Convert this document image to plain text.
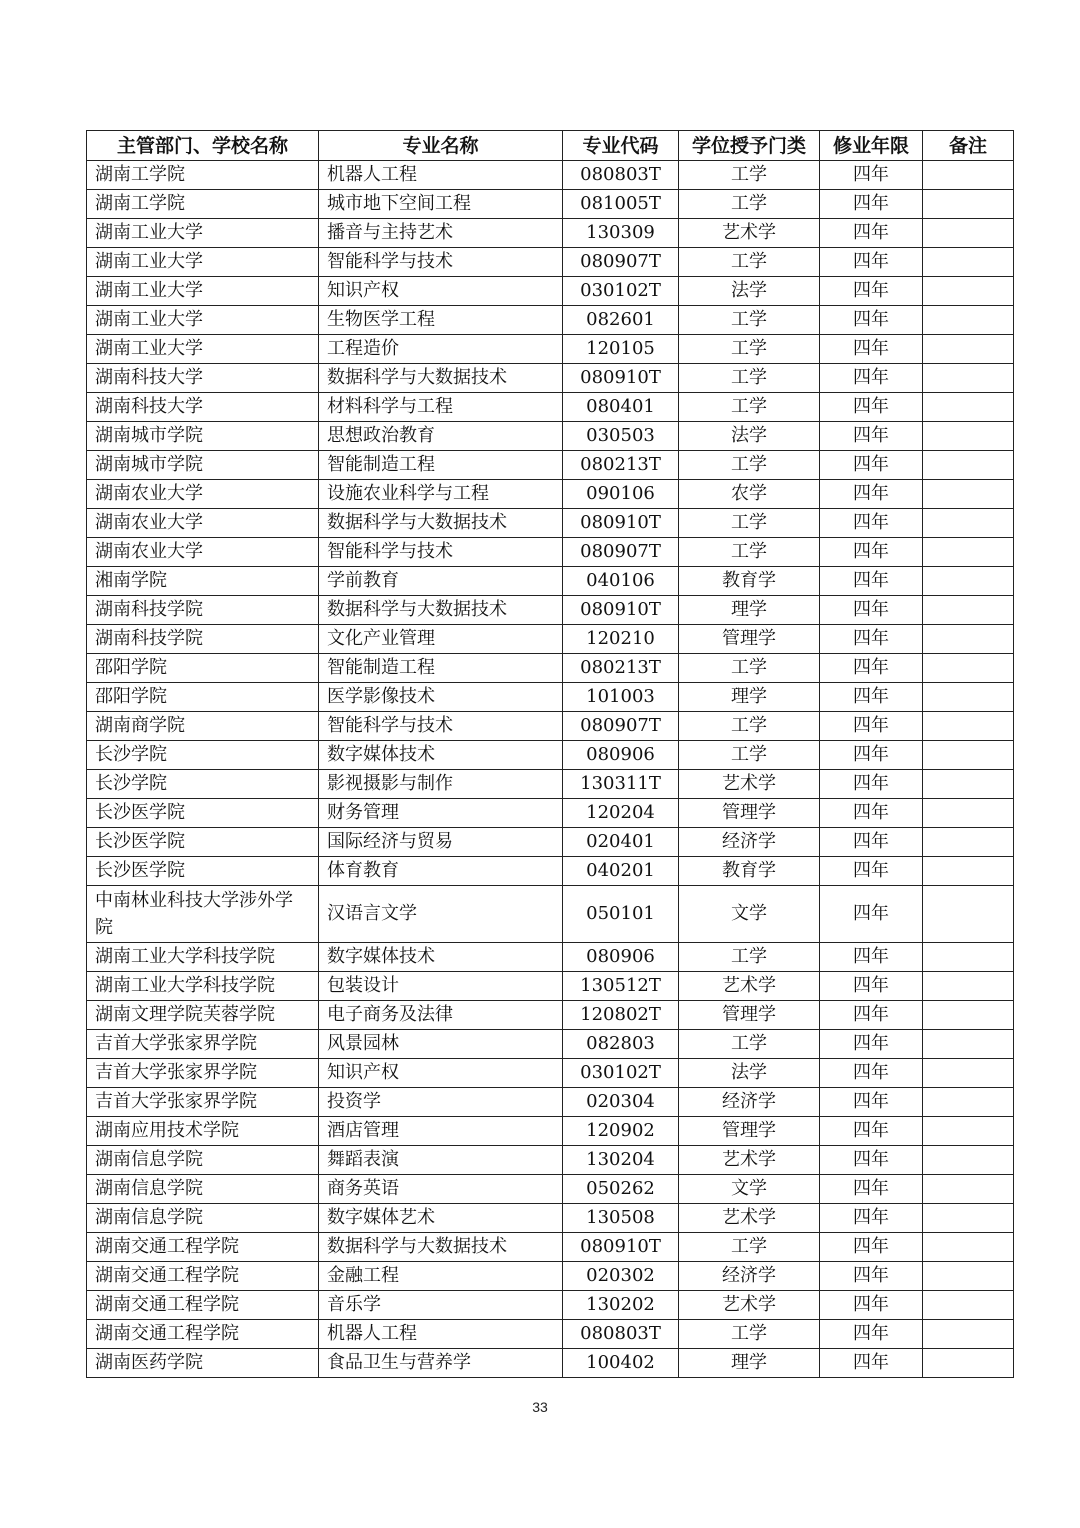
主管部门、学校名称	专业名称	专业代码	学位授予门类	修业年限	备注
湖南工学院	机器人工程	080803T	工学	四年	
湖南工学院	城市地下空间工程	081005T	工学	四年	
湖南工业大学	播音与主持艺术	130309	艺术学	四年	
湖南工业大学	智能科学与技术	080907T	工学	四年	
湖南工业大学	知识产权	030102T	法学	四年	
湖南工业大学	生物医学工程	082601	工学	四年	
湖南工业大学	工程造价	120105	工学	四年	
湖南科技大学	数据科学与大数据技术	080910T	工学	四年	
湖南科技大学	材料科学与工程	080401	工学	四年	
湖南城市学院	思想政治教育	030503	法学	四年	
湖南城市学院	智能制造工程	080213T	工学	四年	
湖南农业大学	设施农业科学与工程	090106	农学	四年	
湖南农业大学	数据科学与大数据技术	080910T	工学	四年	
湖南农业大学	智能科学与技术	080907T	工学	四年	
湘南学院	学前教育	040106	教育学	四年	
湖南科技学院	数据科学与大数据技术	080910T	理学	四年	
湖南科技学院	文化产业管理	120210	管理学	四年	
邵阳学院	智能制造工程	080213T	工学	四年	
邵阳学院	医学影像技术	101003	理学	四年	
湖南商学院	智能科学与技术	080907T	工学	四年	
长沙学院	数字媒体技术	080906	工学	四年	
长沙学院	影视摄影与制作	130311T	艺术学	四年	
长沙医学院	财务管理	120204	管理学	四年	
长沙医学院	国际经济与贸易	020401	经济学	四年	
长沙医学院	体育教育	040201	教育学	四年	
中南林业科技大学涉外学院	汉语言文学	050101	文学	四年	
湖南工业大学科技学院	数字媒体技术	080906	工学	四年	
湖南工业大学科技学院	包装设计	130512T	艺术学	四年	
湖南文理学院芙蓉学院	电子商务及法律	120802T	管理学	四年	
吉首大学张家界学院	风景园林	082803	工学	四年	
吉首大学张家界学院	知识产权	030102T	法学	四年	
吉首大学张家界学院	投资学	020304	经济学	四年	
湖南应用技术学院	酒店管理	120902	管理学	四年	
湖南信息学院	舞蹈表演	130204	艺术学	四年	
湖南信息学院	商务英语	050262	文学	四年	
湖南信息学院	数字媒体艺术	130508	艺术学	四年	
湖南交通工程学院	数据科学与大数据技术	080910T	工学	四年	
湖南交通工程学院	金融工程	020302	经济学	四年	
湖南交通工程学院	音乐学	130202	艺术学	四年	
湖南交通工程学院	机器人工程	080803T	工学	四年	
湖南医药学院	食品卫生与营养学	100402	理学	四年	
33
